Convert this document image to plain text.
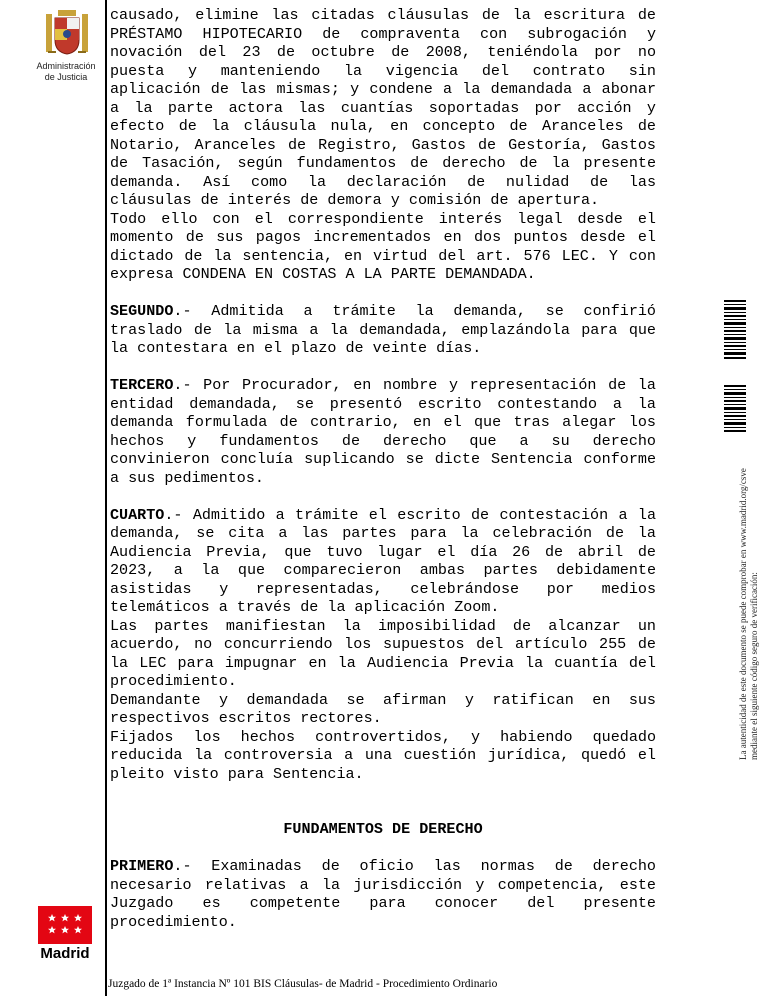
Administración
de Justicia
causado, elimine las citadas cláusulas de la escritura de
PRÉSTAMO HIPOTECARIO de compraventa con subrogación y
novación del 23 de octubre de 2008, teniéndola por no
puesta y manteniendo la vigencia del contrato sin
aplicación de las mismas; y condene a la demandada a abonar
a la parte actora las cuantías soportadas por acción y
efecto de la cláusula nula, en concepto de Aranceles de
Notario, Aranceles de Registro, Gastos de Gestoría, Gastos
de Tasación, según fundamentos de derecho de la presente
demanda. Así como la declaración de nulidad de las
cláusulas de interés de demora y comisión de apertura.
Todo ello con el correspondiente interés legal desde el
momento de sus pagos incrementados en dos puntos desde el
dictado de la sentencia, en virtud del art. 576 LEC. Y con
expresa CONDENA EN COSTAS A LA PARTE DEMANDADA.
SEGUNDO.- Admitida a trámite la demanda, se confirió
traslado de la misma a la demandada, emplazándola para que
la contestara en el plazo de veinte días.
TERCERO.- Por Procurador, en nombre y representación de la
entidad demandada, se presentó escrito contestando a la
demanda formulada de contrario, en el que tras alegar los
hechos y fundamentos de derecho que a su derecho
convinieron concluía suplicando se dicte Sentencia conforme
a sus pedimentos.
CUARTO.- Admitido a trámite el escrito de contestación a la
demanda, se cita a las partes para la celebración de la
Audiencia Previa, que tuvo lugar el día 26 de abril de
2023, a la que comparecieron ambas partes debidamente
asistidas y representadas, celebrándose por medios
telemáticos a través de la aplicación Zoom.
Las partes manifiestan la imposibilidad de alcanzar un
acuerdo, no concurriendo los supuestos del artículo 255 de
la LEC para impugnar en la Audiencia Previa la cuantía del
procedimiento.
Demandante y demandada se afirman y ratifican en sus
respectivos escritos rectores.
Fijados los hechos controvertidos, y habiendo quedado
reducida la controversia a una cuestión jurídica, quedó el
pleito visto para Sentencia.
FUNDAMENTOS DE DERECHO
PRIMERO.- Examinadas de oficio las normas de derecho
necesario relativas a la jurisdicción y competencia, este
Juzgado es competente para conocer del presente
procedimiento.
Madrid
La autenticidad de este documento se puede comprobar en www.madrid.org/csve mediante el siguiente código seguro de verificación:
Juzgado de 1ª Instancia Nº 101 BIS Cláusulas- de Madrid - Procedimiento Ordinario
